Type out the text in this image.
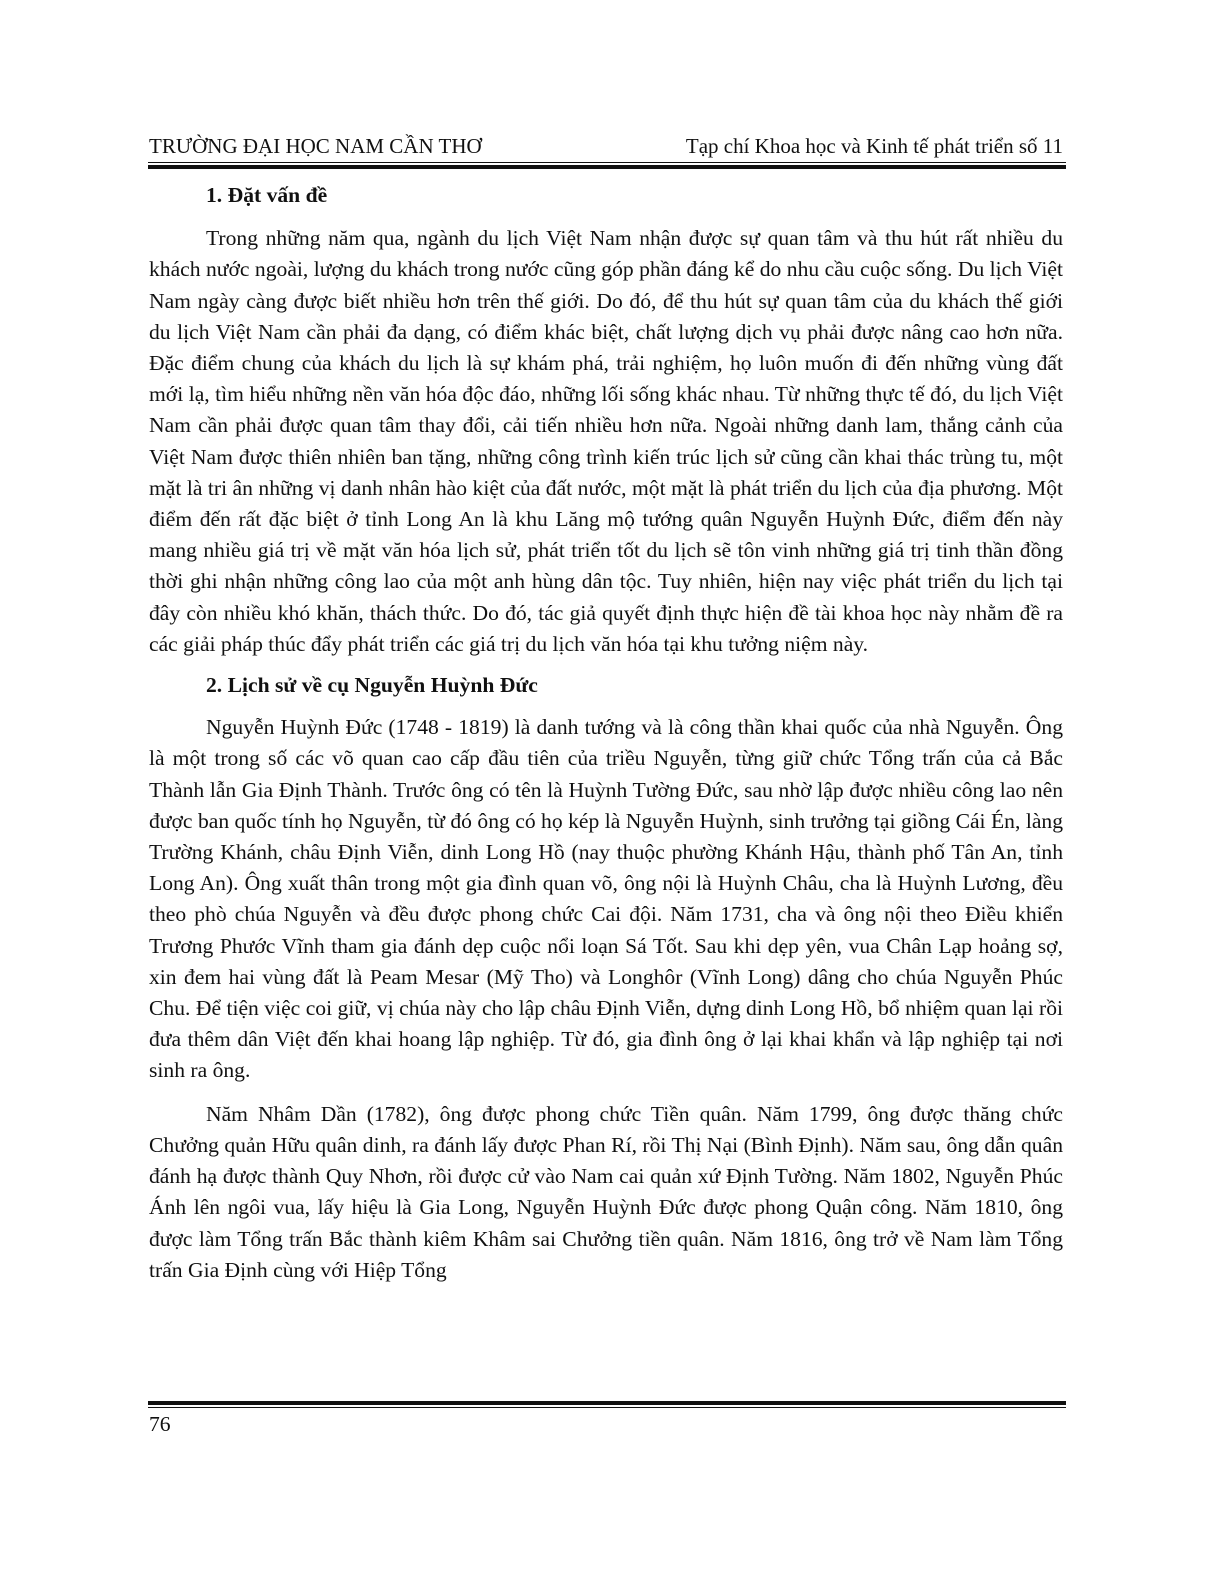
TRƯỜNG ĐẠI HỌC NAM CẦN THƠ	Tạp chí Khoa học và Kinh tế phát triển số 11
1. Đặt vấn đề

Trong những năm qua, ngành du lịch Việt Nam nhận được sự quan tâm và thu hút rất nhiều du khách nước ngoài, lượng du khách trong nước cũng góp phần đáng kể do nhu cầu cuộc sống. Du lịch Việt Nam ngày càng được biết nhiều hơn trên thế giới. Do đó, để thu hút sự quan tâm của du khách thế giới du lịch Việt Nam cần phải đa dạng, có điểm khác biệt, chất lượng dịch vụ phải được nâng cao hơn nữa. Đặc điểm chung của khách du lịch là sự khám phá, trải nghiệm, họ luôn muốn đi đến những vùng đất mới lạ, tìm hiểu những nền văn hóa độc đáo, những lối sống khác nhau. Từ những thực tế đó, du lịch Việt Nam cần phải được quan tâm thay đổi, cải tiến nhiều hơn nữa. Ngoài những danh lam, thắng cảnh của Việt Nam được thiên nhiên ban tặng, những công trình kiến trúc lịch sử cũng cần khai thác trùng tu, một mặt là tri ân những vị danh nhân hào kiệt của đất nước, một mặt là phát triển du lịch của địa phương. Một điểm đến rất đặc biệt ở tỉnh Long An là khu Lăng mộ tướng quân Nguyễn Huỳnh Đức, điểm đến này mang nhiều giá trị về mặt văn hóa lịch sử, phát triển tốt du lịch sẽ tôn vinh những giá trị tinh thần đồng thời ghi nhận những công lao của một anh hùng dân tộc. Tuy nhiên, hiện nay việc phát triển du lịch tại đây còn nhiều khó khăn, thách thức. Do đó, tác giả quyết định thực hiện đề tài khoa học này nhằm đề ra các giải pháp thúc đẩy phát triển các giá trị du lịch văn hóa tại khu tưởng niệm này.

2. Lịch sử về cụ Nguyễn Huỳnh Đức

Nguyễn Huỳnh Đức (1748 - 1819) là danh tướng và là công thần khai quốc của nhà Nguyễn. Ông là một trong số các võ quan cao cấp đầu tiên của triều Nguyễn, từng giữ chức Tổng trấn của cả Bắc Thành lẫn Gia Định Thành. Trước ông có tên là Huỳnh Tường Đức, sau nhờ lập được nhiều công lao nên được ban quốc tính họ Nguyễn, từ đó ông có họ kép là Nguyễn Huỳnh, sinh trưởng tại giồng Cái Én, làng Trường Khánh, châu Định Viễn, dinh Long Hồ (nay thuộc phường Khánh Hậu, thành phố Tân An, tỉnh Long An). Ông xuất thân trong một gia đình quan võ, ông nội là Huỳnh Châu, cha là Huỳnh Lương, đều theo phò chúa Nguyễn và đều được phong chức Cai đội. Năm 1731, cha và ông nội theo Điều khiển Trương Phước Vĩnh tham gia đánh dẹp cuộc nổi loạn Sá Tốt. Sau khi dẹp yên, vua Chân Lạp hoảng sợ, xin đem hai vùng đất là Peam Mesar (Mỹ Tho) và Longhôr (Vĩnh Long) dâng cho chúa Nguyễn Phúc Chu. Để tiện việc coi giữ, vị chúa này cho lập châu Định Viễn, dựng dinh Long Hồ, bổ nhiệm quan lại rồi đưa thêm dân Việt đến khai hoang lập nghiệp. Từ đó, gia đình ông ở lại khai khẩn và lập nghiệp tại nơi sinh ra ông.

Năm Nhâm Dần (1782), ông được phong chức Tiền quân. Năm 1799, ông được thăng chức Chưởng quản Hữu quân dinh, ra đánh lấy được Phan Rí, rồi Thị Nại (Bình Định). Năm sau, ông dẫn quân đánh hạ được thành Quy Nhơn, rồi được cử vào Nam cai quản xứ Định Tường. Năm 1802, Nguyễn Phúc Ánh lên ngôi vua, lấy hiệu là Gia Long, Nguyễn Huỳnh Đức được phong Quận công. Năm 1810, ông được làm Tổng trấn Bắc thành kiêm Khâm sai Chưởng tiền quân. Năm 1816, ông trở về Nam làm Tổng trấn Gia Định cùng với Hiệp Tổng

76
